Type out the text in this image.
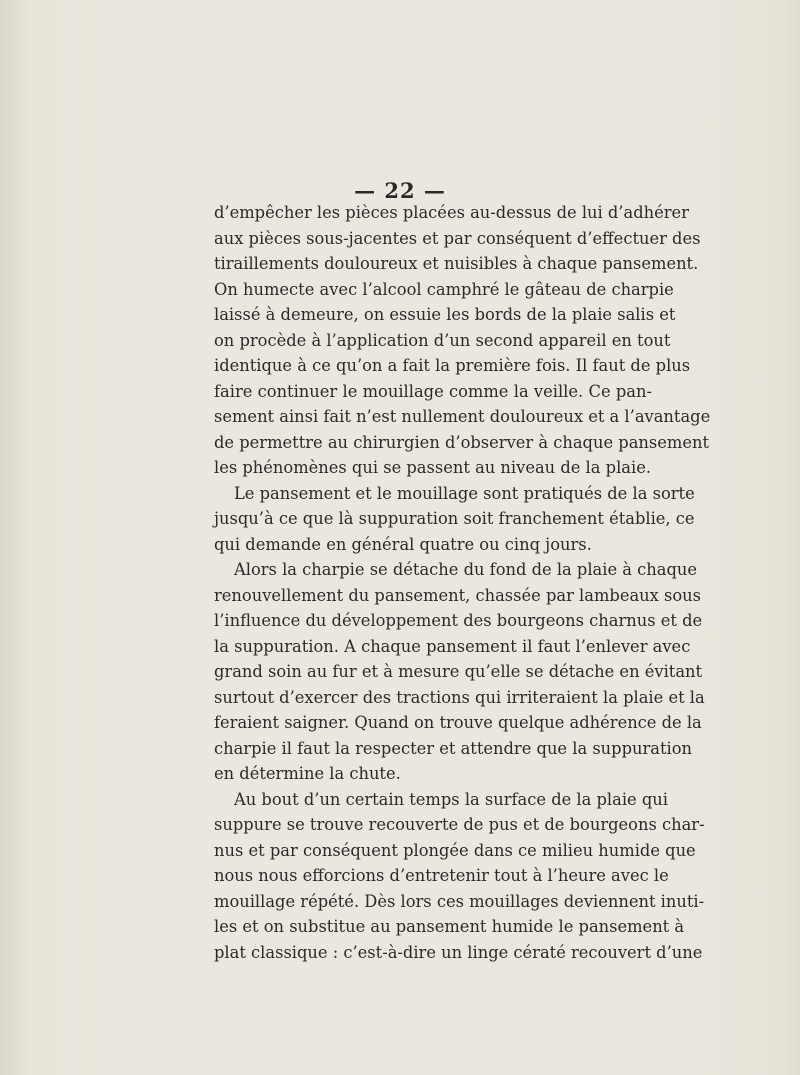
— 22 —

d’empêcher les pièces placées au-dessus de lui d’adhérer
aux pièces sous-jacentes et par conséquent d’effectuer des
tiraillements douloureux et nuisibles à chaque pansement.
On humecte avec l’alcool camphré le gâteau de charpie
laissé à demeure, on essuie les bords de la plaie salis et
on procède à l’application d’un second appareil en tout
identique à ce qu’on a fait la première fois. Il faut de plus
faire continuer le mouillage comme la veille. Ce pan-
sement ainsi fait n’est nullement douloureux et a l’avantage
de permettre au chirurgien d’observer à chaque pansement
les phénomènes qui se passent au niveau de la plaie.
Le pansement et le mouillage sont pratiqués de la sorte
jusqu’à ce que là suppuration soit franchement établie, ce
qui demande en général quatre ou cinq jours.
Alors la charpie se détache du fond de la plaie à chaque
renouvellement du pansement, chassée par lambeaux sous
l’influence du développement des bourgeons charnus et de
la suppuration. A chaque pansement il faut l’enlever avec
grand soin au fur et à mesure qu’elle se détache en évitant
surtout d’exercer des tractions qui irriteraient la plaie et la
feraient saigner. Quand on trouve quelque adhérence de la
charpie il faut la respecter et attendre que la suppuration
en détermine la chute.
Au bout d’un certain temps la surface de la plaie qui
suppure se trouve recouverte de pus et de bourgeons char-
nus et par conséquent plongée dans ce milieu humide que
nous nous efforcions d’entretenir tout à l’heure avec le
mouillage répété. Dès lors ces mouillages deviennent inuti-
les et on substitue au pansement humide le pansement à
plat classique : c’est-à-dire un linge cératé recouvert d’une
